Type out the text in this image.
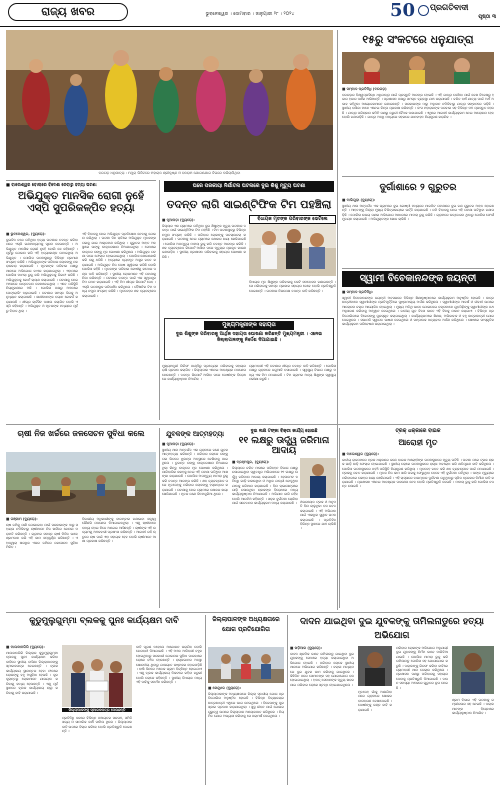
ରାଜ୍ୟ ଖବର	ଭୁବନେଶ୍ୱର । ସୋମବାର । ଜାନୁୟାରୀ ୨୮ । ୨୦୨୪	50	ପ୍ରଗତିବାଦୀ
ପୃଷ୍ଠା ୩
ବରଗଡ଼ ଧନୁଯାତ୍ରା : ମଥୁରା ଭିଜିଟରେ ମହାରାଜ ଶ୍ରୀକୃଷ୍ଣ ଓ ବଳରାମ ଯୋଗାଯୋଗ ଦିଗରେ କରିଚାଲିଥିବା
୧୫ରୁ ସଂକଟରେ ଧନୁଯାତ୍ରା
■ ସମ୍ବାଦ ପ୍ରତିନିଧି (ବରଗଡ଼)
ବରଗଡ଼ର ବିଶ୍ୱପ୍ରସିଦ୍ଧ ଧନୁଯାତ୍ରା ପାଇଁ ପ୍ରସ୍ତୁତି ଆରମ୍ଭ ହୋଇଛି । ଏହି ଯାତ୍ରା ଦେଖିବା ପାଇଁ ଦେଶ ବିଦେଶରୁ ହଜାର ହଜାର ଦର୍ଶକ ଆସିଥାନ୍ତି । ପ୍ରଶାସନ ପକ୍ଷରୁ ସମସ୍ତ ବ୍ୟବସ୍ଥା ଯାଞ୍ଚ କରାଯାଉଛି । ଚଳିତ ବର୍ଷ ଯାତ୍ରା ପାଇଁ ଅର୍ଥ ଅଭାବ ରହିଥିବା ଆୟୋଜକମାନେ ଜଣାଇଛନ୍ତି । ସରକାରଙ୍କ ଠାରୁ ଅନୁଦାନ ନମିଳିବାରୁ ଯାତ୍ରା ସଙ୍କଟରେ ପଡ଼ିଛି । ସ୍ଥାନୀୟ ବାସିନ୍ଦା ମାନେ ଏନେଇ ଚିନ୍ତା ପ୍ରକାଶ କରିଛନ୍ତି । କଂସ ମହାରାଜଙ୍କ ଦରବାର ସହ ବିଭିନ୍ନ ମଞ୍ଚ ପ୍ରସ୍ତୁତ ହେଉଛି । ଯାତ୍ରା ପରିଚାଳନା କମିଟି ପକ୍ଷରୁ ଜରୁରୀ ବୈଠକ ଡକାଯାଇଛି । ଏଥିରେ ଆଗାମୀ କାର୍ଯ୍ୟକ୍ରମ ନେଇ ଆଲୋଚନା ହେବ ବୋଲି ଜଣାପଡ଼ିଛି । ଯାତ୍ରା ଅବଧି ମଧ୍ୟରେ ସହରରେ ଯାନବାହନ ନିୟନ୍ତ୍ରଣ କରାଯିବ ।
■ ବାଲେଶ୍ୱର ବୋଲାରେ ବିଦେଶୀ ନେବାରୁ ହତ୍ୟା ଘଟଣା
ଅଭିଯୁକ୍ତ ମାନସିକ ରୋଗୀ ନୁହେଁ ଏସ୍‌ପି ସୁପରିକଳ୍ପିତ ହତ୍ୟା
■ ଭୁବନେଶ୍ୱର, (ବ୍ୟୁରୋ):
ଦୁଇଦିନ ତଳେ ଘଟିଥିବା ହତ୍ୟା ଘଟଣାର ତଦନ୍ତ କରିବା ପରେ ଏସ୍‌ପି ଗଣମାଧ୍ୟମକୁ ସୂଚନା ଦେଇଛନ୍ତି । ଅଭିଯୁକ୍ତ ମାନସିକ ରୋଗୀ ନୁହେଁ ବୋଲି ସେ କହିଛନ୍ତି । ପୂର୍ବରୁ ଯୋଜନା କରି ଏହି ହତ୍ୟାକାଣ୍ଡ ଘଟାଇଥିଲା ଅଭିଯୁକ୍ତ । ପୋଲିସ ଘଟଣାସ୍ଥଳରୁ ବିଭିନ୍ନ ପ୍ରମାଣ ସଂଗ୍ରହ କରିଛି । ଅଭିଯୁକ୍ତଙ୍କ ପରିବାର ଲୋକଙ୍କୁ ପଚରାଉଚରା କରାଯାଇଛି । ମୃତକଙ୍କ ପରିବାର ପକ୍ଷରୁ ଥାନାରେ ଅଭିଯୋଗ ଦାଏର କରାଯାଇଥିଲା । ଏହାପରେ ପୋଲିସ ମାମଲା ରୁଜୁ କରି ଅଭିଯୁକ୍ତକୁ ଗିରଫ କରିଛି । ଅଭିଯୁକ୍ତକୁ କୋର୍ଟ ଚାଲାଣ କରାଯାଇଛି । ଘଟଣାକୁ ନେଇ ଅଞ୍ଚଳରେ ଉତ୍ତେଜନା ଦେଖାଦେଇଥିଲା । ଏବେ ପରିସ୍ଥିତି ନିୟନ୍ତ୍ରଣରେ ଅଛି । ପୋଲିସ ପକ୍ଷରୁ ଅଞ୍ଚଳରେ ପେଟ୍ରୋଲିଂ ବଢ଼ାଯାଇଛି । ଘଟଣାର ସମସ୍ତ ଦିଗକୁ ଅନୁଧ୍ୟାନ କରାଯାଉଛି । ସାକ୍ଷୀମାନଙ୍କ ବୟାନ ରେକର୍ଡ କରାଯାଉଛି । ଶୀଘ୍ର ଚାର୍ଜସିଟ ଦାଖଲ କରାଯିବ ବୋଲି ଏସ୍‌ପି କହିଛନ୍ତି । ଅଭିଯୁକ୍ତ ଓ ମୃତକଙ୍କ ମଧ୍ୟରେ ପୂର୍ବରୁ ବିବାଦ ଥିଲା ।
ଏହି ବିବାଦକୁ ନେଇ ଅଭିଯୁକ୍ତ ପ୍ରତିଶୋଧ ନେବାକୁ ଯୋଜନା କରିଥିଲା । ଘଟଣା ଦିନ ରାତିରେ ଅଭିଯୁକ୍ତ ମୃତକଙ୍କ ଘରକୁ ଯାଇ ଆକ୍ରମଣ କରିଥିଲା । ଗୁରୁତର ଆହତ ଅବସ୍ଥାରେ ତାଙ୍କୁ ଡାକ୍ତରଖାନା ନିଆଯାଇଥିଲା । ସେଠାରେ ଡାକ୍ତର ତାଙ୍କୁ ମୃତ ଘୋଷଣା କରିଥିଲେ । ଅଭିଯୁକ୍ତ ଘଟଣା ପରେ ଫେରାର ହୋଇଯାଇଥିଲା । ପୋଲିସ ଖୋଜାଖୋଜି କରି ତାକୁ ଧରିଛି । ହତ୍ୟାରେ ବ୍ୟବହୃତ ଅସ୍ତ୍ର ଜବତ କରାଯାଇଛି । ଅଭିଯୁକ୍ତ ନିଜ ଦୋଷ ସ୍ୱୀକାର କରିଛି ବୋଲି ପୋଲିସ କହିଛି । ମୃତକଙ୍କ ପରିବାର ଦୋଷୀକୁ କଠୋର ଦଣ୍ଡ ଦାବି କରିଛନ୍ତି । ସ୍ଥାନୀୟ ଲୋକମାନେ ଏହି ଘଟଣାକୁ ନିନ୍ଦା କରିଛନ୍ତି । ଘଟଣାର ତଦନ୍ତ ପାଇଁ ଏକ ସ୍ୱତନ୍ତ୍ର ଟିମ ଗଠନ କରାଯାଇଛି । ଏହି ଟିମ ଶୀଘ୍ର ରିପୋର୍ଟ ଦେବ । ଏସ୍‌ପି ଘଟଣାସ୍ଥଳ ପରିଦର୍ଶନ କରିଥିଲେ । ବୈଜ୍ଞାନିକ ଟିମ ମଧ୍ୟ ନମୁନା ସଂଗ୍ରହ କରିଛି । ମୃତଦେହର ଶବ ବ୍ୟବଚ୍ଛେଦ କରାଯାଇଛି ।
ଘରେ ପରକୀୟା ନିର୍ଯାତନା ଘଟନାରେ ଦୁଇ ଶିଶୁ ମୃତ୍ୟୁ ଘଟଣା
ତଦନ୍ତ ଲାଗି ସାଇଣ୍ଟିଫିକ ଟିମ ପହଞ୍ଚିଲା
■ ନୂଆପଡ଼ା (ବ୍ୟୁରୋ):
ଜିଲ୍ଲାର ଏକ ଗ୍ରାମରେ ଘଟିଥିବା ଦୁଇ ଶିଶୁଙ୍କ ମୃତ୍ୟୁ ଘଟଣାର ତଦନ୍ତ ପାଇଁ ସାଇଣ୍ଟିଫିକ ଟିମ ପହଞ୍ଚିଛି । ଟିମ ଘଟଣାସ୍ଥଳରୁ ବିଭିନ୍ନ ନମୁନା ସଂଗ୍ରହ କରିଛି । ପରିବାର ଲୋକଙ୍କୁ ପଚରାଉଚରା କରାଯାଇଛି । ଘଟଣାକୁ ନେଇ ଗ୍ରାମରେ ଶୋକର ଛାୟା ଖେଳିଯାଇଛି । ପୋଲିସ ଅପମୃତ୍ୟୁ ମାମଲା ରୁଜୁ କରି ତଦନ୍ତ ଆରମ୍ଭ କରିଛି । ଶବ ବ୍ୟବଚ୍ଛେଦ ରିପୋର୍ଟ ଆସିବା ପରେ ମୃତ୍ୟୁର ପ୍ରକୃତ କାରଣ ଜଣାପଡ଼ିବ । ସ୍ଥାନୀୟ ପ୍ରଶାସନ ପରିବାରକୁ ସହାୟତା ଘୋଷଣା କରିଛି ।
ବିଧାୟକ ମୃତଙ୍କ ପରିବାରଙ୍କ ଭେଟିଲେ
ବିଧାୟକ ମୃତ ଶିଶୁଙ୍କ ପରିବାରକୁ ଭେଟି ସମବେଦନା ଜଣାଇଛନ୍ତି । ସେ ପରିବାରକୁ ସମସ୍ତ ପ୍ରକାର ସହାୟତା ଦେବେ ବୋଲି ପ୍ରତିଶ୍ରୁତି ଦେଇଛନ୍ତି । ଘଟଣାର ନିରପେକ୍ଷ ତଦନ୍ତ ଦାବି କରିଛନ୍ତି ।
ମୁଖ୍ୟମନ୍ତ୍ରୀଙ୍କ ସହାୟତା
ଦୁଇ ଶିଶୁଙ୍କ ପରିବାରକୁ ଆର୍ଥିକ ସହାୟତା ଘୋଷଣା କରିଛନ୍ତି ମୁଖ୍ୟମନ୍ତ୍ରୀ । ଏନେଇ ଜିଲ୍ଲାପାଳଙ୍କୁ ନିର୍ଦ୍ଦେଶ ଦିଆଯାଇଛି ।
ମୁଖ୍ୟମନ୍ତ୍ରୀ ରିଲିଫ ପାଣ୍ଠିରୁ ପ୍ରତ୍ୟେକ ପରିବାରକୁ ସହାୟତା ରାଶି ପ୍ରଦାନ କରାଯିବ । ଜିଲ୍ଲାପାଳ ଏନେଇ ଆବଶ୍ୟକ ପଦକ୍ଷେପ ନେଉଛନ୍ତି । ତଦନ୍ତ ରିପୋର୍ଟ ଆସିବା ପରେ ଦୋଷୀଙ୍କ ବିରୋଧରେ କାର୍ଯ୍ୟାନୁଷ୍ଠାନ ନିଆଯିବ ।
ଗ୍ରାମବାସୀ ଏହି ଘଟଣାର ଶୀଘ୍ର ତଦନ୍ତ ଦାବି କରିଛନ୍ତି । ପୋଲିସ ପକ୍ଷରୁ ଗ୍ରାମରେ ଜଗୁଆଳି ବସାଯାଇଛି । ସ୍ୱାସ୍ଥ୍ୟ ବିଭାଗ ପକ୍ଷରୁ ମଧ୍ୟ ଏକ ଟିମ ପଠାଯାଇଛି । ଟିମ ଗ୍ରାମର ଅନ୍ୟ ଶିଶୁଙ୍କ ସ୍ୱାସ୍ଥ୍ୟ ପରୀକ୍ଷା କରୁଛି ।
ଦୁର୍ଗାଶାରେ ୨ ଗୁରୁତର
■ ବାଲିଗୁଡ଼ା (ବ୍ୟୁରୋ):
ସ୍ଥାନୀୟ ଥାନା ଅନ୍ତର୍ଗତ ଏକ ଗ୍ରାମରେ ଦୁଇ ଗୋଷ୍ଠୀ ମଧ୍ୟରେ ମାରପିଟ ଘଟଣାରେ ଦୁଇ ଜଣ ଗୁରୁତର ଆହତ ହୋଇଛନ୍ତି । ଆହତଙ୍କୁ ଜିଲ୍ଲା ମୁଖ୍ୟ ଚିକିତ୍ସାଳୟରେ ଭର୍ତ୍ତି କରାଯାଇଛି । ଜମି ବିବାଦକୁ ନେଇ ଏହି ଘଟଣା ଘଟିଥିବା ଜଣାପଡ଼ିଛି । ପୋଲିସ ଉଭୟ ପକ୍ଷର ଅଭିଯୋଗ ଆଧାରରେ ମାମଲା ରୁଜୁ କରିଛି । ଗ୍ରାମରେ ଉତ୍ତେଜନା ଥିବାରୁ ପୋଲିସ ଫୋର୍ସ ମୁତୟନ କରାଯାଇଛି । ଅଭିଯୁକ୍ତଙ୍କ ଖୋଜ ଚାଲିଛି ।
ସ୍ୱାମୀ ବିବେକାନନ୍ଦଙ୍କ ଜୟନ୍ତୀ
■ ସମ୍ବାଦ ପ୍ରତିନିଧି:
ସ୍ୱାମୀ ବିବେକାନନ୍ଦଙ୍କ ଜୟନ୍ତୀ ଅବସରରେ ବିଭିନ୍ନ ଶିକ୍ଷାନୁଷ୍ଠାନରେ କାର୍ଯ୍ୟକ୍ରମ ଅନୁଷ୍ଠିତ ହୋଇଛି । ଛାତ୍ରଛାତ୍ରୀମାନେ ସ୍ୱାମୀଜୀଙ୍କ ପ୍ରତିମୂର୍ତ୍ତିରେ ପୁଷ୍ପମାଲ୍ୟ ଅର୍ପଣ କରିଥିଲେ । ସ୍ୱାମୀଜୀଙ୍କ ଆଦର୍ଶ ଓ ଜୀବନୀ ଉପରେ ଆଲୋଚନା ଚକ୍ର ଆୟୋଜିତ ହୋଇଥିଲା । ମୁଖ୍ୟ ଅତିଥି ଭାବେ ଯୋଗଦେଇ ବକ୍ତାମାନେ ଯୁବପିଢ଼ିଙ୍କୁ ସ୍ୱାମୀଜୀଙ୍କ ପଥ ଅନୁସରଣ କରିବାକୁ ଆହ୍ୱାନ ଦେଇଥିଲେ । ଜାତୀୟ ଯୁବ ଦିବସ ଭାବେ ଏହି ଦିନକୁ ପାଳନ କରାଯାଏ । ବିଭିନ୍ନ ପ୍ରତିଯୋଗିତାରେ ବିଜେତାଙ୍କୁ ପୁରସ୍କୃତ କରାଯାଇଥିଲା । କାର୍ଯ୍ୟକ୍ରମରେ ଶିକ୍ଷକ, ଅଭିଭାବକ ଓ ବହୁ ଛାତ୍ରଛାତ୍ରୀ ଯୋଗଦେଇଥିଲେ । ସଭାପତି ସ୍ୱାଗତ ଭାଷଣ ଦେଇଥିଲେ ଓ ସମ୍ପାଦକ ଧନ୍ୟବାଦ ଅର୍ପଣ କରିଥିଲେ । ଶେଷରେ ସାଂସ୍କୃତିକ କାର୍ଯ୍ୟକ୍ରମ ପରିବେଷଣ କରାଯାଇଥିଲା ।
ଚାଷୀ ନିଜ ଖର୍ଚ୍ଚରେ ଜଳସେଚନ ସୁବିଧା କଲେ
■ ଗଞ୍ଜାମ (ବ୍ୟୁରୋ):
ଚାଷ ଜମିକୁ ପାଣି ଯୋଗାଇବା ପାଇଁ ସରକାରଙ୍କ ଠାରୁ ସହାୟତା ନମିଳିବାରୁ ଚାଷୀମାନେ ନିଜ ଖର୍ଚ୍ଚରେ କେନାଲ ମରାମତି କରିଛନ୍ତି । ଗ୍ରାମର ସମସ୍ତ ଚାଷୀ ମିଳିତ ଭାବେ ଶ୍ରମଦାନ କରି ଏହି କାମ ସମ୍ପୂର୍ଣ୍ଣ କରିଛନ୍ତି । ଏହାଦ୍ୱାରା ଶତାଧିକ ଏକର ଜମିରେ ଜଳସେଚନ ସୁବିଧା ମିଳିବ ।
ବିଭାଗୀୟ ଅଧିକାରୀଙ୍କୁ ବାରମ୍ବାର ଜଣାଇବା ସତ୍ତ୍ୱେ କୌଣସି ପଦକ୍ଷେପ ନିଆଯାଇନଥିଲା । ଏଣୁ ଚାଷୀମାନେ ବାଧ୍ୟ ହୋଇ ନିଜେ ଆଗେଇ ଆସିଛନ୍ତି । ଚାଷୀଙ୍କ ଏହି ଉଦ୍ୟମକୁ ଅଞ୍ଚଳବାସୀ ପ୍ରଶଂସା କରିଛନ୍ତି । ଆଗାମୀ ରବି ଋତୁରେ ଚାଷ ପାଇଁ ଏହା ସହାୟକ ହେବ ବୋଲି ଚାଷୀମାନେ ଆଶା ପ୍ରକାଶ କରିଛନ୍ତି ।
ଯୁବକଙ୍କ ଆତ୍ମହତ୍ୟା
■ ନୂଆପଡ଼ା (ବ୍ୟୁରୋ):
ସ୍ଥାନୀୟ ଥାନା ଅନ୍ତର୍ଗତ ଏକ ଗ୍ରାମରେ ଜଣେ ଯୁବକ ଆତ୍ମହତ୍ୟା କରିଛନ୍ତି । ପରିବାର ଲୋକେ ତାଙ୍କୁ ଘର ଭିତରେ ଝୁଲନ୍ତା ଅବସ୍ଥାରେ ଦେଖିବାକୁ ପାଇଥିଲେ । ତୁରନ୍ତ ତାଙ୍କୁ ଡାକ୍ତରଖାନା ନିଆଯାଇଥିଲା କିନ୍ତୁ ଡାକ୍ତର ମୃତ ଘୋଷଣା କରିଥିଲେ । ପାରିବାରିକ କଳହକୁ ନେଇ ଏହି ଘଟଣା ଘଟିଥିବା ଆଶଙ୍କା କରାଯାଉଛି । ପୋଲିସ ଅପମୃତ୍ୟୁ ମାମଲା ରୁଜୁ କରି ତଦନ୍ତ ଆରମ୍ଭ କରିଛି । ଶବ ବ୍ୟବଚ୍ଛେଦ ପରେ ମୃତଦେହକୁ ପରିବାର ଲୋକଙ୍କୁ ହସ୍ତାନ୍ତର କରାଯାଇଛି । ଘଟଣାକୁ ନେଇ ଗ୍ରାମରେ ଶୋକର ଛାୟା ଖେଳିଯାଇଛି । ମୃତକ ଜଣେ ଦିନମଜୁରିଆ ଥିଲେ ।
ଦୁଇ ଲକ୍ଷ ଟଙ୍କା ବିକ୍ରୀ କାର୍ଯ୍ୟ ହୋଇଛି
୧୧ ଲକ୍ଷରୁ ଊର୍ଦ୍ଧ୍ୱ ଜରିମାନା ଆଦାୟ
■ ବ୍ରହ୍ମପୁର, (ବ୍ୟୁରୋ):
ଜିଲ୍ଲାରେ ଚଳିତ ମାସରେ ପରିବହନ ବିଭାଗ ପକ୍ଷରୁ ଚଳାଯାଇଥିବା ସ୍ୱତନ୍ତ୍ର ଅଭିଯାନରେ ୧୧ ଲକ୍ଷରୁ ଊର୍ଦ୍ଧ୍ୱ ଜରିମାନା ଆଦାୟ କରାଯାଇଛି । ହେଲମେଟ ନପିନ୍ଧି ଗାଡ଼ି ଚଳାଉଥିବା ଓ ଅଧିକ ଯାତ୍ରୀ ବୋହୁଥିବା ଯାନକୁ ଜରିମାନା କରାଯାଇଛି । ବିନା ଲାଇସେନ୍ସରେ ଗାଡ଼ି ଚଳାଉଥିବା ଚାଳକଙ୍କ ବିରୋଧରେ ମଧ୍ୟ କାର୍ଯ୍ୟାନୁଷ୍ଠାନ ନିଆଯାଇଛି । ଅଭିଯାନ ଜାରି ରହିବ ବୋଲି ଆରଟିଓ କହିଛନ୍ତି । ସଡ଼କ ଦୁର୍ଘଟଣା ରୋକିବା ପାଇଁ ସଚେତନତା କାର୍ଯ୍ୟକ୍ରମ ମଧ୍ୟ କରାଯାଉଛି ।	ଓଭରଲୋଡ ଟ୍ରକ ଓ ଅନୁମତି ବିନା ଚାଲୁଥିବା ବସ ଜବତ କରାଯାଇଛି । ଏହି ଅଭିଯାନ ପାଇଁ ଏକାଧିକ ସ୍କ୍ୱାଡ ଗଠନ କରାଯାଇଛି । ପ୍ରତିଦିନ ବିଭିନ୍ନ ସ୍ଥାନରେ ଯାଞ୍ଚ ଚାଲିଛି ।
ଟ୍ରକ୍ ଧକ୍କାରେ ବାଇକ
ଆରୋହୀ ମୃତ
■ ବାଲେଶ୍ୱର (ବ୍ୟୁରୋ):
ଜାତୀୟ ରାଜପଥରେ ଟ୍ରକ ଧକ୍କାରେ ଜଣେ ବାଇକ ଆରୋହୀଙ୍କ ଘଟଣାସ୍ଥଳରେ ମୃତ୍ୟୁ ଘଟିଛି । ଘଟଣା ପରେ ଟ୍ରକ ଚାଳକ ଗାଡ଼ି ଛାଡ଼ି ଫେରାର ହୋଇଯାଇଛି । ସ୍ଥାନୀୟ ଲୋକେ ଘଟଣାସ୍ଥଳରେ ରାସ୍ତା ଅବରୋଧ କରି କ୍ଷତିପୂରଣ ଦାବି କରିଥିଲେ । ପୋଲିସ ଘଟଣାସ୍ଥଳରେ ପହଞ୍ଚି ପରିସ୍ଥିତି ନିୟନ୍ତ୍ରଣ କରିଥିଲା । ମୃତଦେହ ଜବତ କରି ଶବ ବ୍ୟବଚ୍ଛେଦ ପାଇଁ ପଠାଯାଇଛି । ଟ୍ରକକୁ ଜବତ କରାଯାଇଛି । ମୃତକ ନିଜ କାମ ସାରି ଘରକୁ ଫେରୁଥିବା ବେଳେ ଏହି ଦୁର୍ଘଟଣା ଘଟିଥିଲା । ତାଙ୍କ ମୃତ୍ୟୁରେ ପରିବାରରେ କୋହର ଛାୟା ଖେଳିଯାଇଛି । ଏହି ରାସ୍ତାରେ ବାରମ୍ବାର ଦୁର୍ଘଟଣା ଘଟୁଥିବାରୁ ସ୍ପିଡ ବ୍ରେକର ନିର୍ମାଣ ଦାବି କରାଯାଇଛି । ପ୍ରଶାସନ ଏନେଇ ଆବଶ୍ୟକ ପଦକ୍ଷେପ ନେବ ବୋଲି ପ୍ରତିଶ୍ରୁତି ଦେଇଛି । ମାମଲା ରୁଜୁ କରି ପୋଲିସ ତଦନ୍ତ ଚଳାଇଛି ।
କୁଡୁମୁଲୁଗୁମ୍ମା ବ୍ଲକକୁ ପୁନଃ କାର୍ଯ୍ୟକ୍ଷମ ଦାବି
■ ମାଲକାନଗିରି (ବ୍ୟୁରୋ):
ମାଲକାନଗିରି ଜିଲ୍ଲାର କୁଡୁମୁଲୁଗୁମ୍ମା ବ୍ଲକକୁ ପୁନଃ କାର୍ଯ୍ୟକ୍ଷମ କରିବା ଦାବିରେ ସ୍ଥାନୀୟ ବାସିନ୍ଦା ଜିଲ୍ଲାପାଳଙ୍କୁ ସ୍ମାରକପତ୍ର ଦେଇଛନ୍ତି । ବ୍ଲକ କାର୍ଯ୍ୟାଳୟ ସ୍ଥାନାନ୍ତର ହେବା ଫଳରେ ଲୋକଙ୍କୁ ବହୁ ଅସୁବିଧା ହେଉଛି । ଦୂର ଦୂରାନ୍ତରୁ ଲୋକମାନେ ଯାତାୟାତ କରିବାକୁ ବାଧ୍ୟ ହେଉଛନ୍ତି । ଏଣୁ ପୂର୍ବ ସ୍ଥାନରେ ବ୍ଲକ କାର୍ଯ୍ୟାଳୟ ଚାଲୁ କରିବାକୁ ଦାବି କରାଯାଇଛି ।
ଜିଲ୍ଲାପାଳଙ୍କୁ ସ୍ମାରକପତ୍ର ଦେଉଛନ୍ତି
ପ୍ରତିନିଧି ଦଳରେ ବିଭିନ୍ନ ପଞ୍ଚାୟତର ସରପଞ୍ଚ, ସମିତି ସଭ୍ୟ ଓ ସାମାଜିକ କର୍ମୀ ସାମିଲ ଥିଲେ । ଜିଲ୍ଲାପାଳ ଦାବି ଉପରେ ବିଚାର କରିବେ ବୋଲି ପ୍ରତିଶ୍ରୁତି ଦେଇଛନ୍ତି ।
ଦାବି ପୂରଣ ନହେଲେ ଆନ୍ଦୋଳନ କରାଯିବ ବୋଲି ଚେତାବନୀ ଦିଆଯାଇଛି । ଏହି ଅଞ୍ଚଳ ଆଦିବାସୀ ବହୁଳ ହୋଇଥିବାରୁ ସରକାରୀ ଯୋଜନାର ସୁବିଧା ପାଇବାରେ ଲୋକେ ବଞ୍ଚିତ ହେଉଛନ୍ତି । ରାସ୍ତାଘାଟର ଅବସ୍ଥା ଶୋଚନୀୟ ଥିବାରୁ ଯାତାୟାତ କଷ୍ଟକର ହୋଇପଡ଼ିଛି । ବର୍ଷା ଦିନରେ ଅନେକ ଗ୍ରାମ ବିଚ୍ଛିନ୍ନ ହୋଇଯାଏ । ଏଣୁ ବ୍ଲକ କାର୍ଯ୍ୟାଳୟ ନିକଟରେ ରହିବା ଜରୁରୀ ବୋଲି ଲୋକେ କହିଛନ୍ତି । ସ୍ଥାନୀୟ ବିଧାୟକ ମଧ୍ୟ ଏହି ଦାବିକୁ ସମର୍ଥନ କରିଛନ୍ତି ।
ଜିଲ୍ଲାପାଳଙ୍କ ଅଧ୍ୟକ୍ଷତାରେ ଯୋଗ ପ୍ରତିଯୋଗିତା
■ କେନ୍ଦୁଝର (ବ୍ୟୁରୋ):
ଜିଲ୍ଲାପାଳଙ୍କ ଅଧ୍ୟକ୍ଷତାରେ ଜିଲ୍ଲା ସ୍ତରୀୟ ଯୋଗ ପ୍ରତିଯୋଗିତା ଅନୁଷ୍ଠିତ ହୋଇଛି । ବିଭିନ୍ନ ବିଦ୍ୟାଳୟର ଛାତ୍ରଛାତ୍ରୀ ଏଥିରେ ଭାଗ ନେଇଥିଲେ । ବିଜେତାଙ୍କୁ ପୁରସ୍କାର ପ୍ରଦାନ କରାଯାଇଥିଲା । ସୁସ୍ଥ ଜୀବନ ପାଇଁ ଯୋଗର ଗୁରୁତ୍ୱ ଉପରେ ଜିଲ୍ଲାପାଳ ଆଲୋକପାତ କରିଥିଲେ । ନିୟମିତ ଯୋଗ ଅଭ୍ୟାସ କରିବାକୁ ସେ ପରାମର୍ଶ ଦେଇଥିଲେ ।
ଦାଦନ ଯାଇଥିବା ଦୁଇ ଯୁବକଙ୍କୁ ତାମିଲନାଡୁରେ ହତ୍ୟା ଅଭିଯୋଗ
■ ଖଡ଼ିଆଳ (ବ୍ୟୁରୋ):
ଦାଦନ ଶ୍ରମିକ ଭାବେ ତାମିଲନାଡୁ ଯାଇଥିବା ଦୁଇ ଯୁବକଙ୍କୁ ସେଠାରେ ହତ୍ୟା କରାଯାଇଥିବା ଅଭିଯୋଗ ହୋଇଛି । ପରିବାର ଲୋକେ ସ୍ଥାନୀୟ ଥାନାରେ ଅଭିଯୋଗ କରିଛନ୍ତି । ଦଲାଲ ମାଧ୍ୟମରେ ଦୁଇ ଯୁବକ କାମ କରିବାକୁ ଯାଇଥିଲେ । କିଛିଦିନ ପରେ ସେମାନଙ୍କ ସହ ଯୋଗାଯୋଗ ବନ୍ଦ ହୋଇଯାଇଥିଲା । ହଠାତ୍ ସେମାନଙ୍କ ମୃତ୍ୟୁ ଖବର ପାଇ ପରିବାର ଲୋକେ ସ୍ତବ୍ଧ ହୋଇଯାଇଥିଲେ ।
ମୃତଦେହ ଗାଁକୁ ଅଣାଯିବା ପରେ ଗ୍ରାମରେ ଶୋକର ବାତାବରଣ ଦେଖାଦେଇଛି । ଦୋଷୀଙ୍କୁ ଦଣ୍ଡ ଦାବି କରାଯାଇଛି ।
ପରିବାର ଲୋକଙ୍କ ଅଭିଯୋଗ ଅନୁଯାୟୀ ଦୁଇ ଯୁବକଙ୍କୁ ନିର୍ମମ ଭାବେ ମାରିଦିଆଯାଇଛି । ପୋଲିସ ମାମଲା ରୁଜୁ କରି ତାମିଲନାଡୁ ପୋଲିସ ସହ ଯୋଗାଯୋଗ କରୁଛି । ଦଲାଲଙ୍କୁ ଗିରଫ କରିବା ଦାବିରେ ଗ୍ରାମବାସୀ ଥାନା ଘେରାଉ କରିଥିଲେ । ପ୍ରଶାସନ ପକ୍ଷରୁ ପରିବାରକୁ ସହାୟତା ଦେବାକୁ ପ୍ରତିଶ୍ରୁତି ଦିଆଯାଇଛି । ଦାଦନ ସମସ୍ୟା ଅଞ୍ଚଳରେ ଗୁରୁତର ରୂପ ନେଇଛି ।
ଶ୍ରମ ବିଭାଗ ଏହି ଘଟଣାକୁ ଗମ୍ଭୀରତାର ସହ ନେଇଛି । ଦଲାଲମାନଙ୍କ ବିରୋଧରେ କାର୍ଯ୍ୟାନୁଷ୍ଠାନ ନିଆଯିବ ।
